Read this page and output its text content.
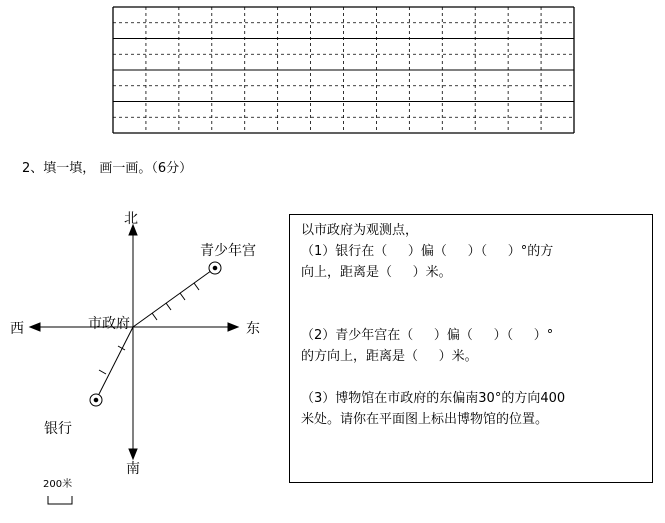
2、填一填， 画一画。（6分）
北
南
东
西	市政府
青少年宫
银行
200米
以市政府为观测点，
（1）银行在（     ）偏（     ）（     ）°的方
向上，距离是（     ）米。
（2）青少年宫在（     ）偏（     ）（     ）°
的方向上，距离是（     ）米。
（3）博物馆在市政府的东偏南30°的方向400
米处。请你在平面图上标出博物馆的位置。
